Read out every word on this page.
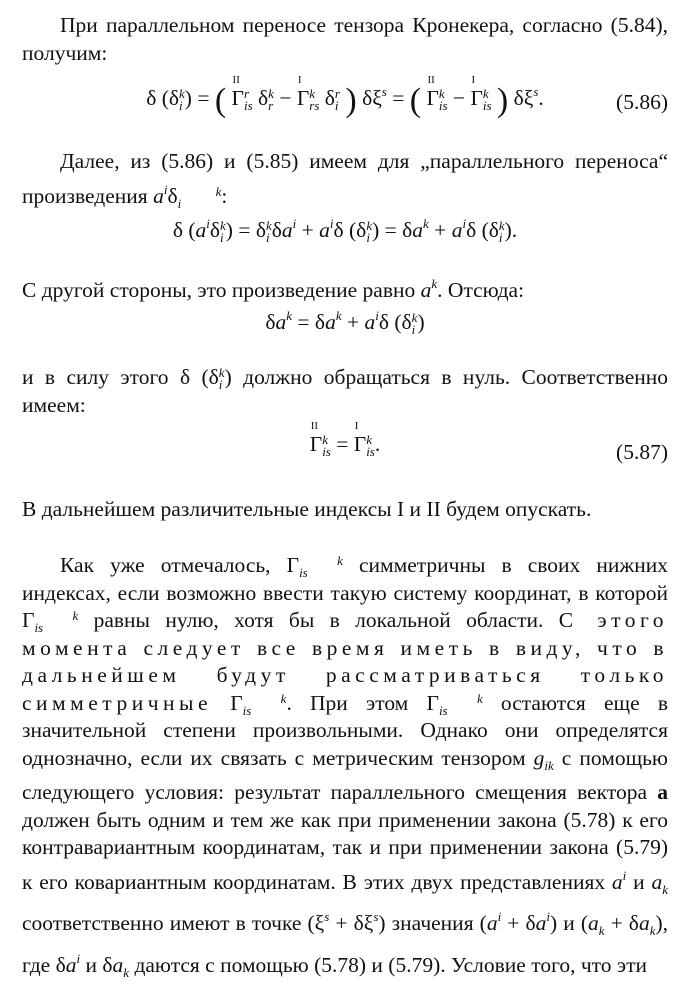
При параллельном переносе тензора Кронекера, согласно (5.84), получим:
δ (δk
i ) = ( Γ
II
r
is δk
r − Γ
I
k
rs δr
i ) $\delta\xi^s$ = ( Γ
II
k
is − Γ
I
k
is ) $\delta\xi^s$.	(5.86)
Далее, из (5.86) и (5.85) имеем для „параллельного переноса“ произведения $a^i\delta$	k
i :
δ ($a^i\delta k$
i ) = δk
i $\delta a^i + a^i\delta$ (δk
i ) = $\delta a^k + a^i\delta$ (δk
i ).
С другой стороны, это произведение равно $a^k$. Отсюда:
$\delta a^k = \delta a^k + a^i\delta$ (δk
i )
и в силу этого δ (δk
i ) должно обращаться в нуль. Соответственно имеем:
Γ
II
k
is = Γ
I
k
is.	(5.87)
В дальнейшем различительные индексы I и II будем опускать.
Как уже отмечалось, Γ	k
is симметричны в своих нижних индексах, если возможно ввести такую систему координат, в которой Γ	k
is равны нулю, хотя бы в локальной области. С этого момента следует все время иметь в виду, что в дальнейшем будут рассматриваться только симметричные Γ	k
is . При этом Γ	k
is остаются еще в значительной степени произвольными. Однако они определятся однозначно, если их связать с метрическим тензором $g_{ik}$ с помощью следующего условия: результат параллельного смещения вектора a должен быть одним и тем же как при применении закона (5.78) к его контравариантным координатам, так и при применении закона (5.79) к его ковариантным координатам. В этих двух представлениях $a^i$ и $a_k$ соответственно имеют в точке $(\xi^s + \delta\xi^s)$ значения $(a^i + \delta a^i)$ и $(a_k + \delta a_k)$, где $\delta a^i$ и $\delta a_k$ даются с помощью (5.78) и (5.79). Условие того, что эти
